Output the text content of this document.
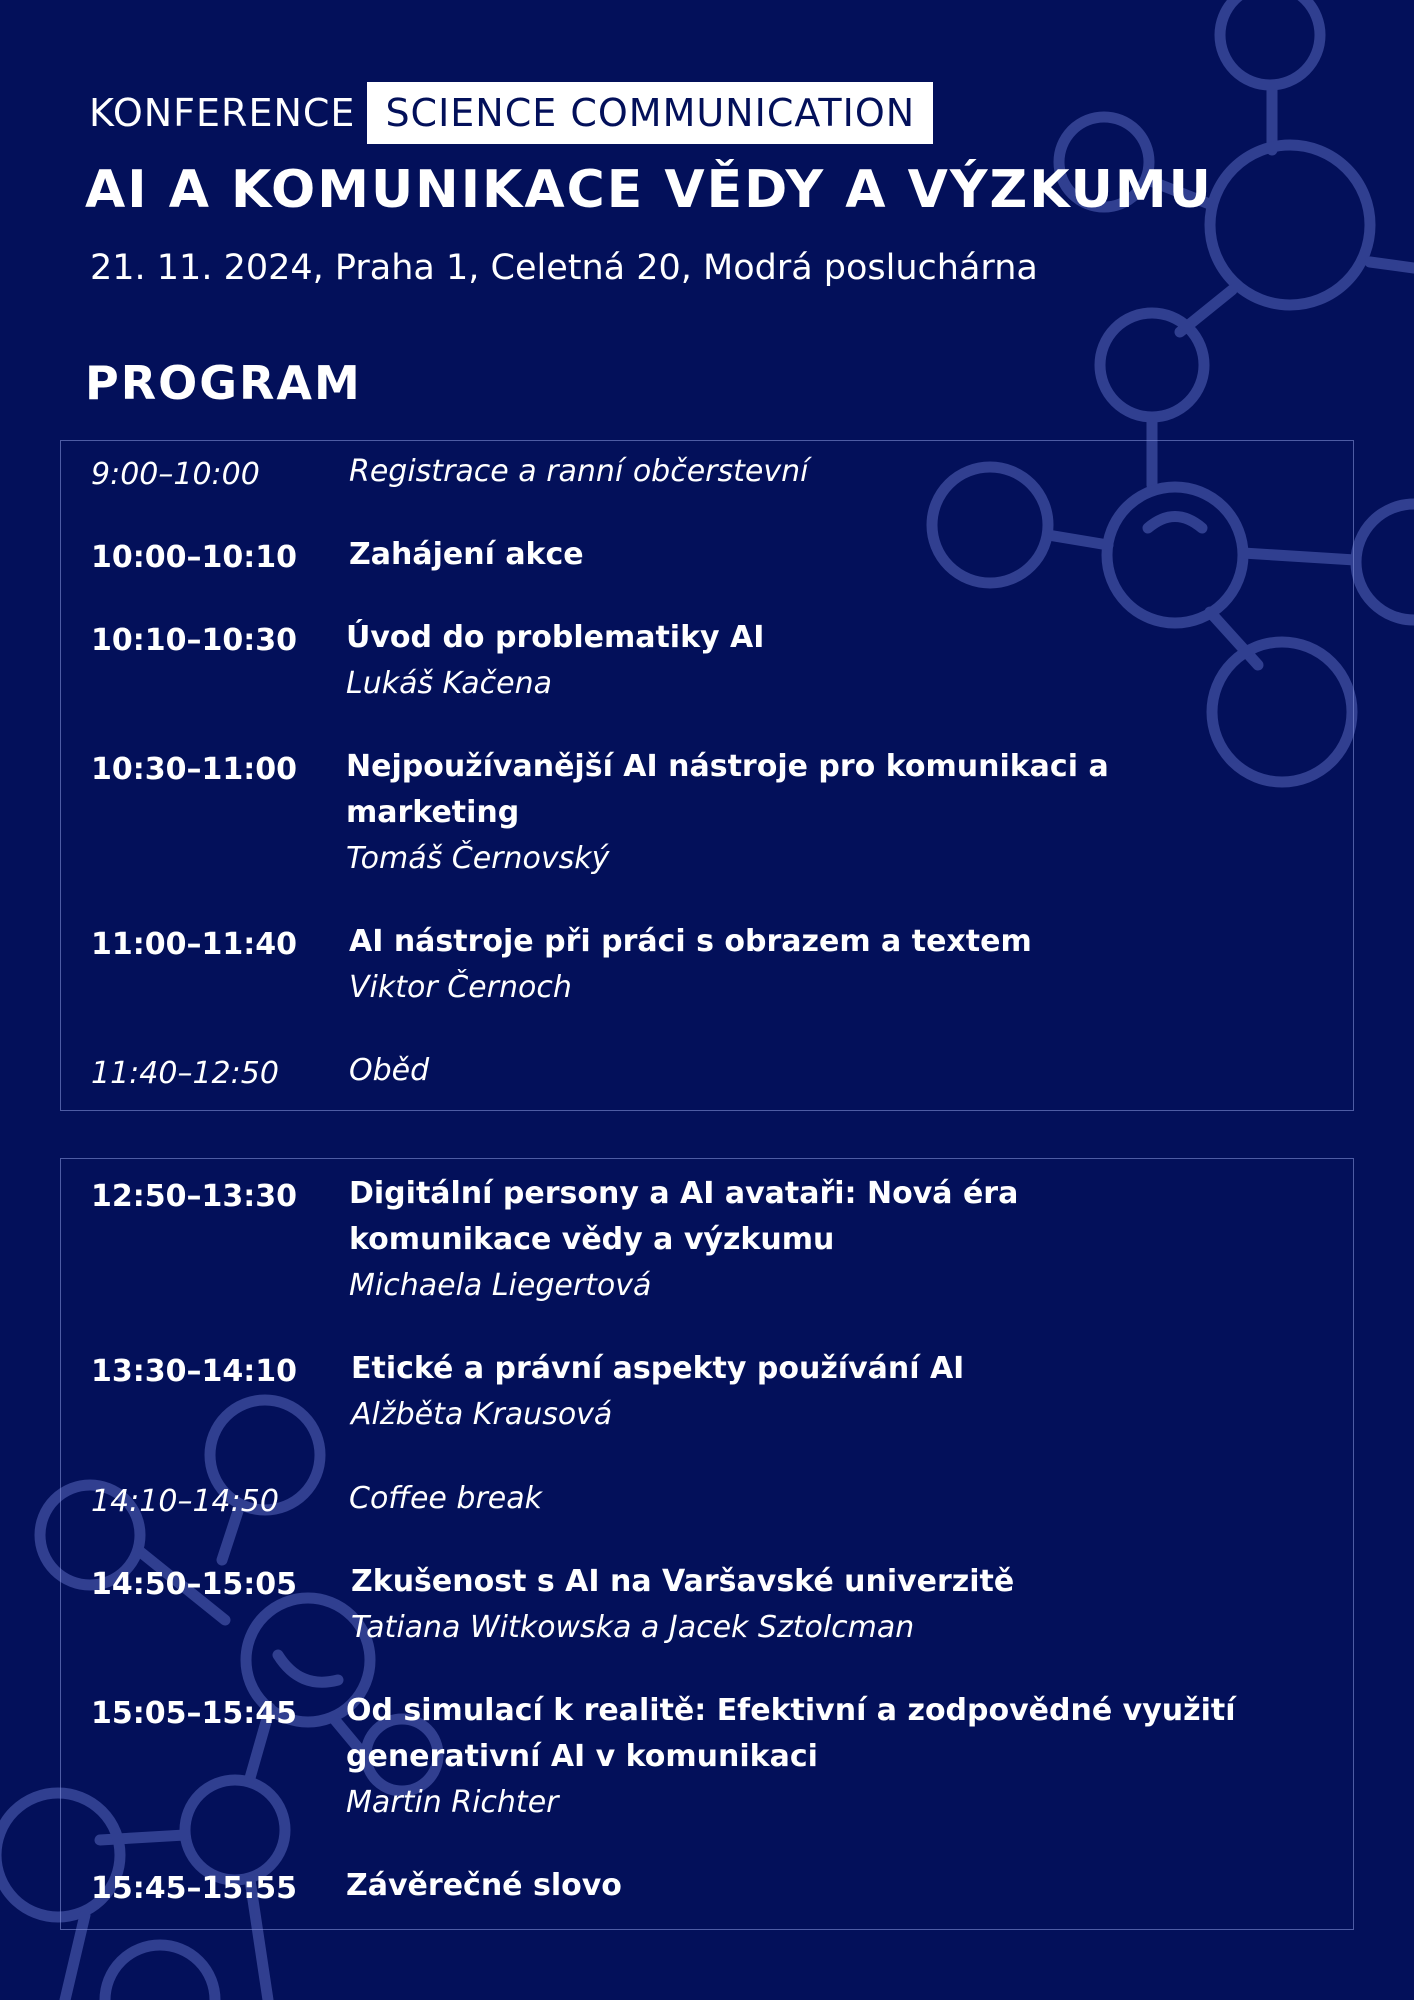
KONFERENCE SCIENCE COMMUNICATION
AI A KOMUNIKACE VĚDY A VÝZKUMU
21. 11. 2024, Praha 1, Celetná 20, Modrá posluchárna
PROGRAM
9:00–10:00	Registrace a ranní občerstevní
10:00–10:10 Zahájení akce
10:10–10:30 Úvod do problematiky AI
Lukáš Kačena
10:30–11:00 Nejpoužívanější AI nástroje pro komunikaci a marketing
Tomáš Černovský
11:00–11:40 AI nástroje při práci s obrazem a textem
Viktor Černoch
11:40–12:50 Oběd
12:50–13:30 Digitální persony a AI avataři: Nová éra komunikace vědy a výzkumu
Michaela Liegertová
13:30–14:10 Etické a právní aspekty používání AI
Alžběta Krausová
14:10–14:50 Coffee break
14:50–15:05 Zkušenost s AI na Varšavské univerzitě
Tatiana Witkowska a Jacek Sztolcman
15:05–15:45 Od simulací k realitě: Efektivní a zodpovědné využití generativní AI v komunikaci
Martin Richter
15:45–15:55 Závěrečné slovo
